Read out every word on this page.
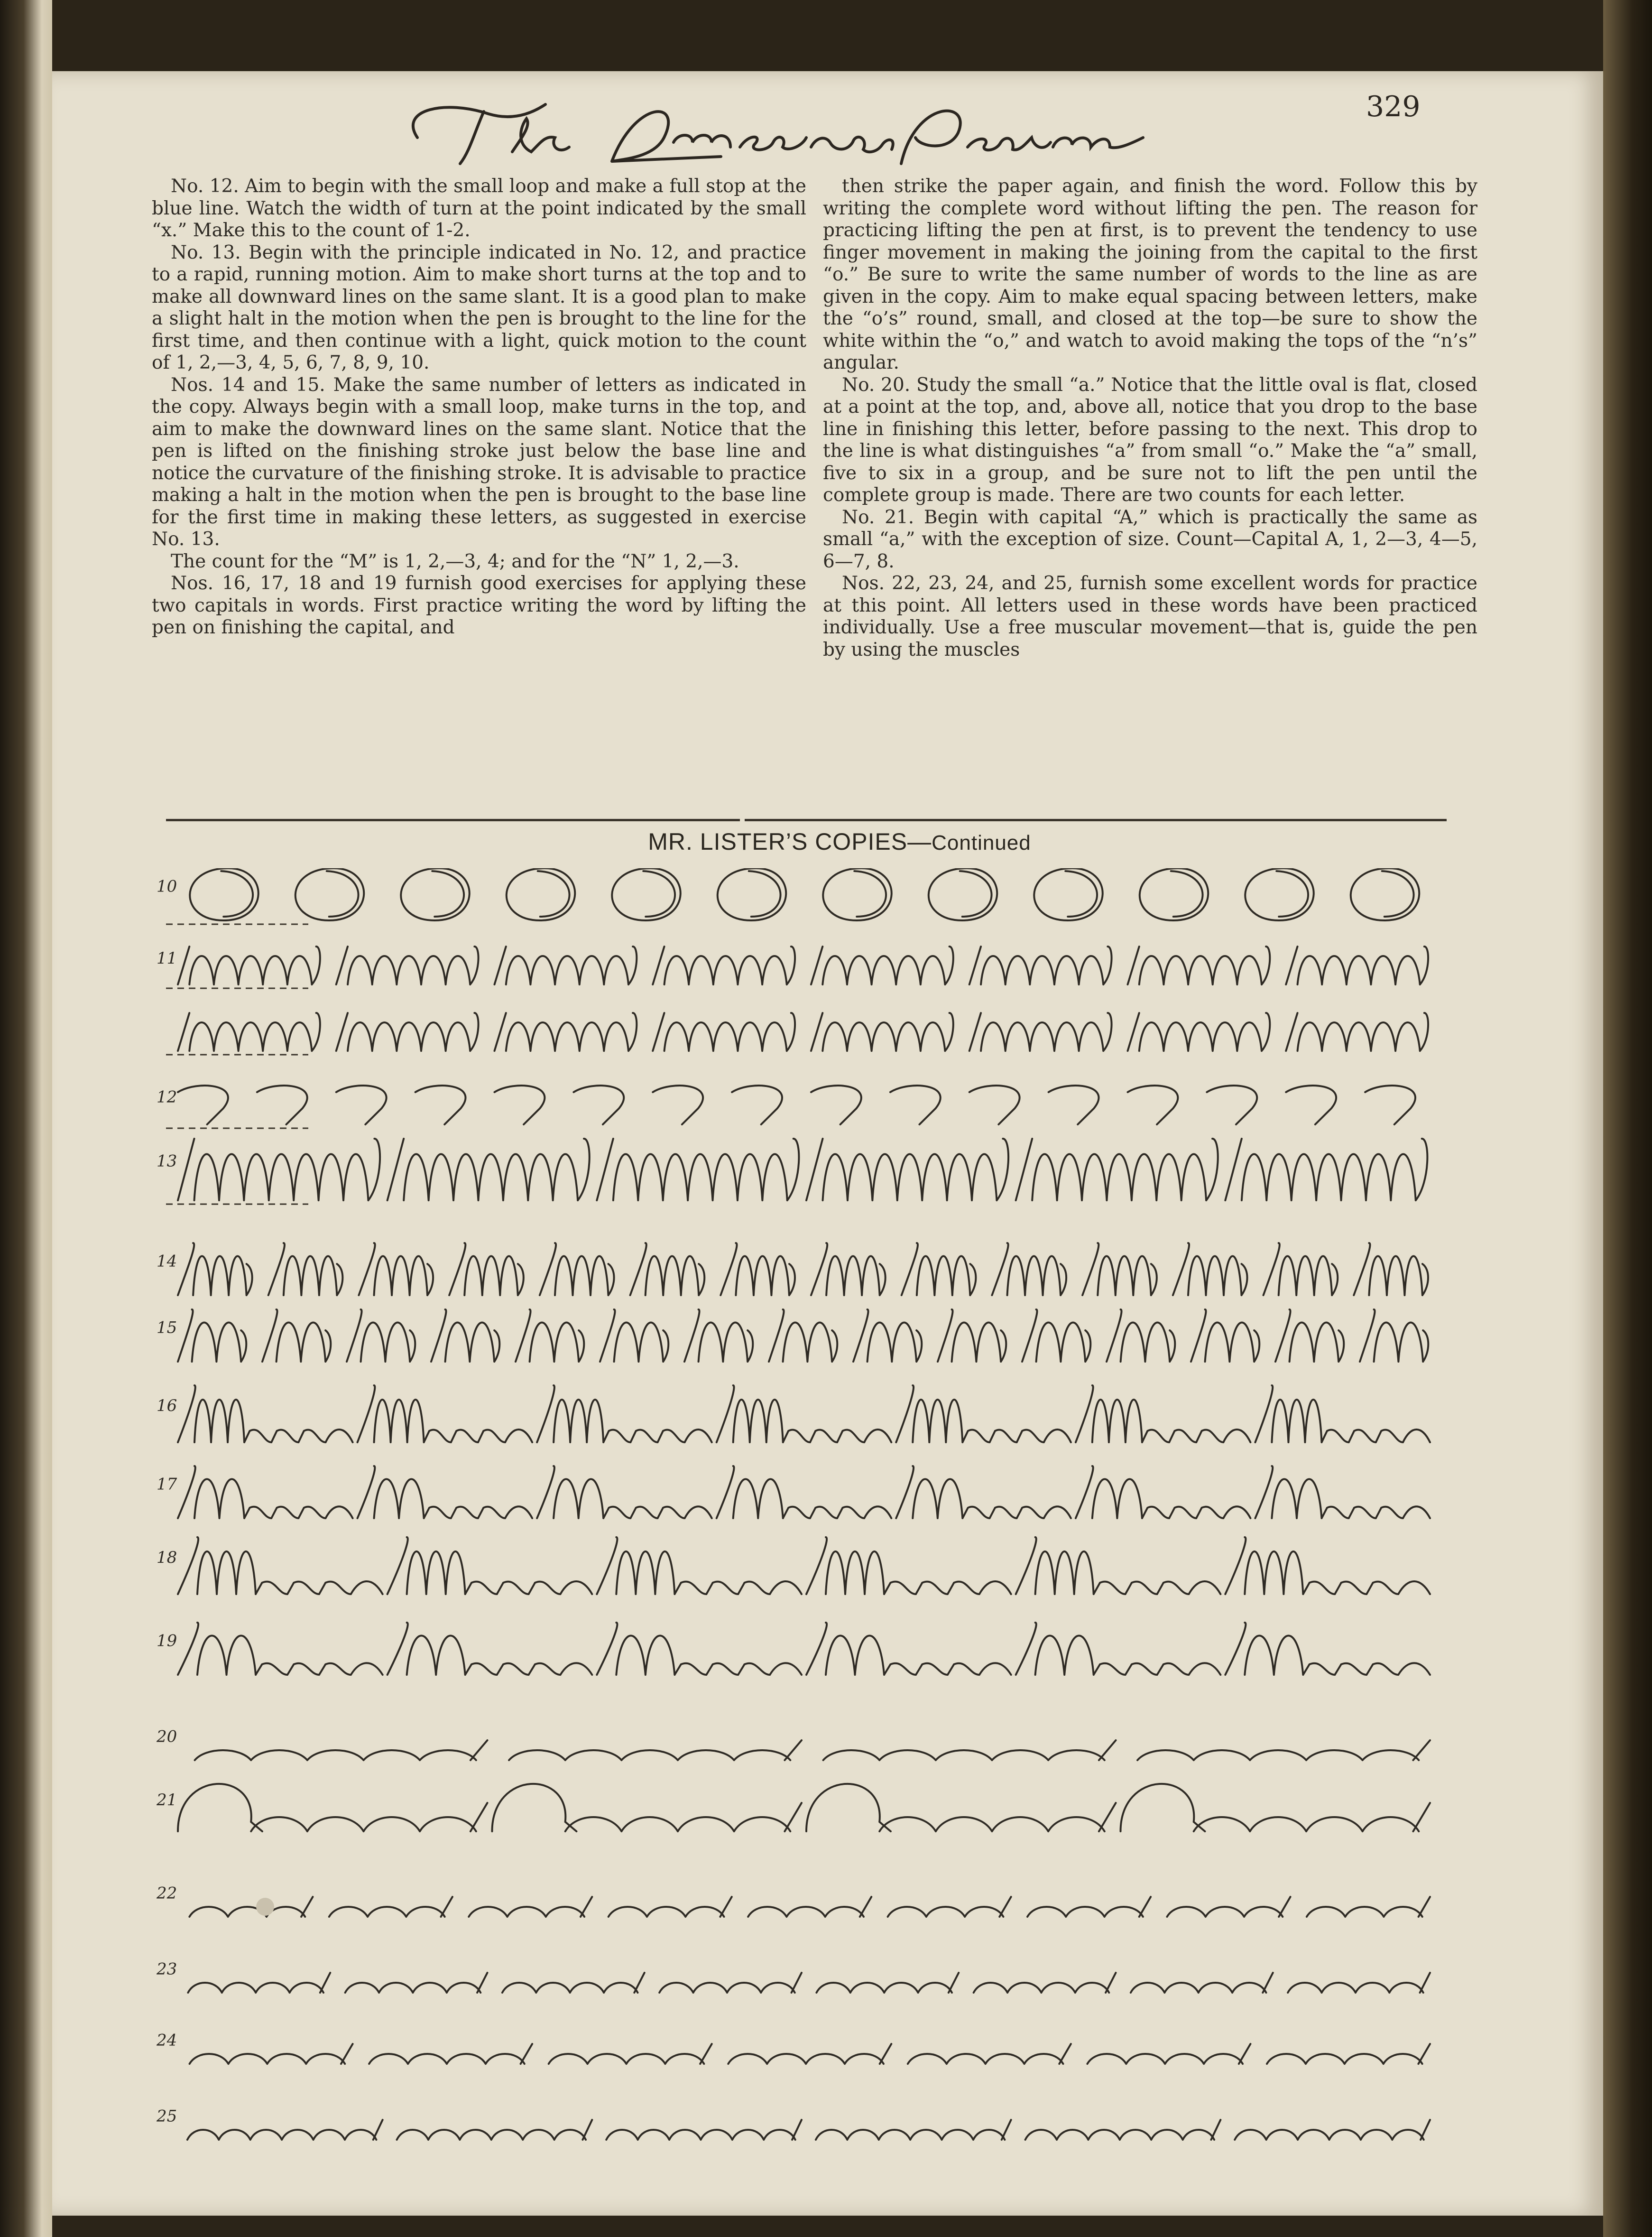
329

No. 12. Aim to begin with the small loop and make a full stop at the blue line. Watch the width of turn at the point indicated by the small “x.” Make this to the count of 1-2.

No. 13. Begin with the principle indicated in No. 12, and practice to a rapid, running motion. Aim to make short turns at the top and to make all downward lines on the same slant. It is a good plan to make a slight halt in the motion when the pen is brought to the line for the first time, and then continue with a light, quick motion to the count of 1, 2,—3, 4, 5, 6, 7, 8, 9, 10.

Nos. 14 and 15. Make the same number of letters as indicated in the copy. Always begin with a small loop, make turns in the top, and aim to make the downward lines on the same slant. Notice that the pen is lifted on the finishing stroke just below the base line and notice the curvature of the finishing stroke. It is advisable to practice making a halt in the motion when the pen is brought to the base line for the first time in making these letters, as suggested in exercise No. 13.

The count for the “M” is 1, 2,—3, 4; and for the “N” 1, 2,—3.

Nos. 16, 17, 18 and 19 furnish good exercises for applying these two capitals in words. First practice writing the word by lifting the pen on finishing the capital, and

then strike the paper again, and finish the word. Follow this by writing the complete word without lifting the pen. The reason for practicing lifting the pen at first, is to prevent the tendency to use finger movement in making the joining from the capital to the first “o.” Be sure to write the same number of words to the line as are given in the copy. Aim to make equal spacing between letters, make the “o’s” round, small, and closed at the top—be sure to show the white within the “o,” and watch to avoid making the tops of the “n’s” angular.

No. 20. Study the small “a.” Notice that the little oval is flat, closed at a point at the top, and, above all, notice that you drop to the base line in finishing this letter, before passing to the next. This drop to the line is what distinguishes “a” from small “o.” Make the “a” small, five to six in a group, and be sure not to lift the pen until the complete group is made. There are two counts for each letter.

No. 21. Begin with capital “A,” which is practically the same as small “a,” with the exception of size. Count—Capital A, 1, 2—3, 4—5, 6—7, 8.

Nos. 22, 23, 24, and 25, furnish some excellent words for practice at this point. All letters used in these words have been practiced individually. Use a free muscular movement—that is, guide the pen by using the muscles

MR. LISTER’S COPIES—Continued
10
11
12
13
14
15
16
17
18
19
20
21
22
23
24
25
